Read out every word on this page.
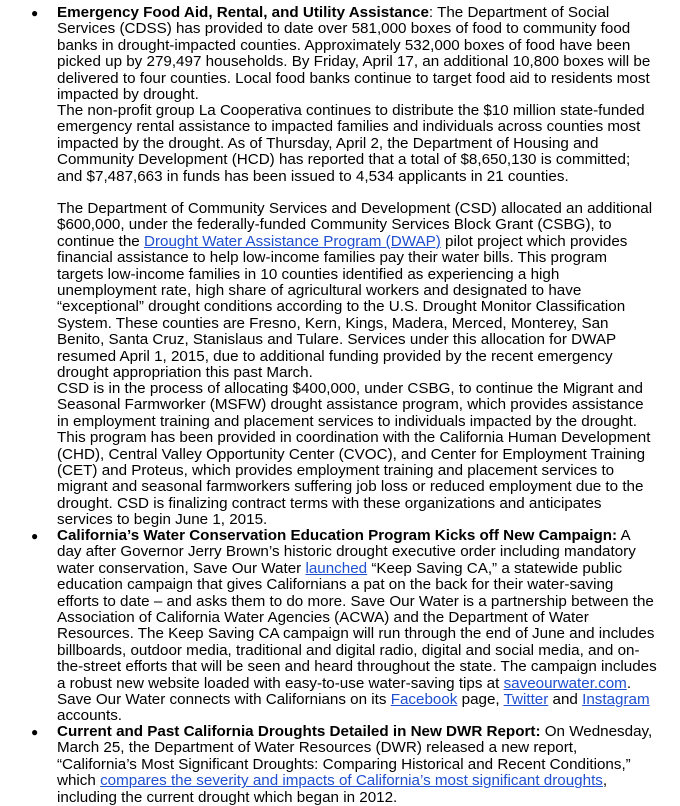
● Emergency Food Aid, Rental, and Utility Assistance: The Department of Social Services (CDSS) has provided to date over 581,000 boxes of food to community food banks in drought-impacted counties. Approximately 532,000 boxes of food have been picked up by 279,497 households. By Friday, April 17, an additional 10,800 boxes will be delivered to four counties. Local food banks continue to target food aid to residents most impacted by drought.

The non-profit group La Cooperativa continues to distribute the $10 million state-funded emergency rental assistance to impacted families and individuals across counties most impacted by the drought. As of Thursday, April 2, the Department of Housing and Community Development (HCD) has reported that a total of $8,650,130 is committed; and $7,487,663 in funds has been issued to 4,534 applicants in 21 counties.

The Department of Community Services and Development (CSD) allocated an additional $600,000, under the federally-funded Community Services Block Grant (CSBG), to continue the Drought Water Assistance Program (DWAP) pilot project which provides financial assistance to help low-income families pay their water bills. This program targets low-income families in 10 counties identified as experiencing a high unemployment rate, high share of agricultural workers and designated to have “exceptional” drought conditions according to the U.S. Drought Monitor Classification System. These counties are Fresno, Kern, Kings, Madera, Merced, Monterey, San Benito, Santa Cruz, Stanislaus and Tulare. Services under this allocation for DWAP resumed April 1, 2015, due to additional funding provided by the recent emergency drought appropriation this past March.

CSD is in the process of allocating $400,000, under CSBG, to continue the Migrant and Seasonal Farmworker (MSFW) drought assistance program, which provides assistance in employment training and placement services to individuals impacted by the drought. This program has been provided in coordination with the California Human Development (CHD), Central Valley Opportunity Center (CVOC), and Center for Employment Training (CET) and Proteus, which provides employment training and placement services to migrant and seasonal farmworkers suffering job loss or reduced employment due to the drought. CSD is finalizing contract terms with these organizations and anticipates services to begin June 1, 2015.

● California’s Water Conservation Education Program Kicks off New Campaign: A day after Governor Jerry Brown’s historic drought executive order including mandatory water conservation, Save Our Water launched “Keep Saving CA,” a statewide public education campaign that gives Californians a pat on the back for their water-saving efforts to date – and asks them to do more. Save Our Water is a partnership between the Association of California Water Agencies (ACWA) and the Department of Water Resources. The Keep Saving CA campaign will run through the end of June and includes billboards, outdoor media, traditional and digital radio, digital and social media, and on-the-street efforts that will be seen and heard throughout the state. The campaign includes a robust new website loaded with easy-to-use water-saving tips at saveourwater.com. Save Our Water connects with Californians on its Facebook page, Twitter and Instagram accounts.

● Current and Past California Droughts Detailed in New DWR Report: On Wednesday, March 25, the Department of Water Resources (DWR) released a new report, “California’s Most Significant Droughts: Comparing Historical and Recent Conditions,” which compares the severity and impacts of California’s most significant droughts, including the current drought which began in 2012.
